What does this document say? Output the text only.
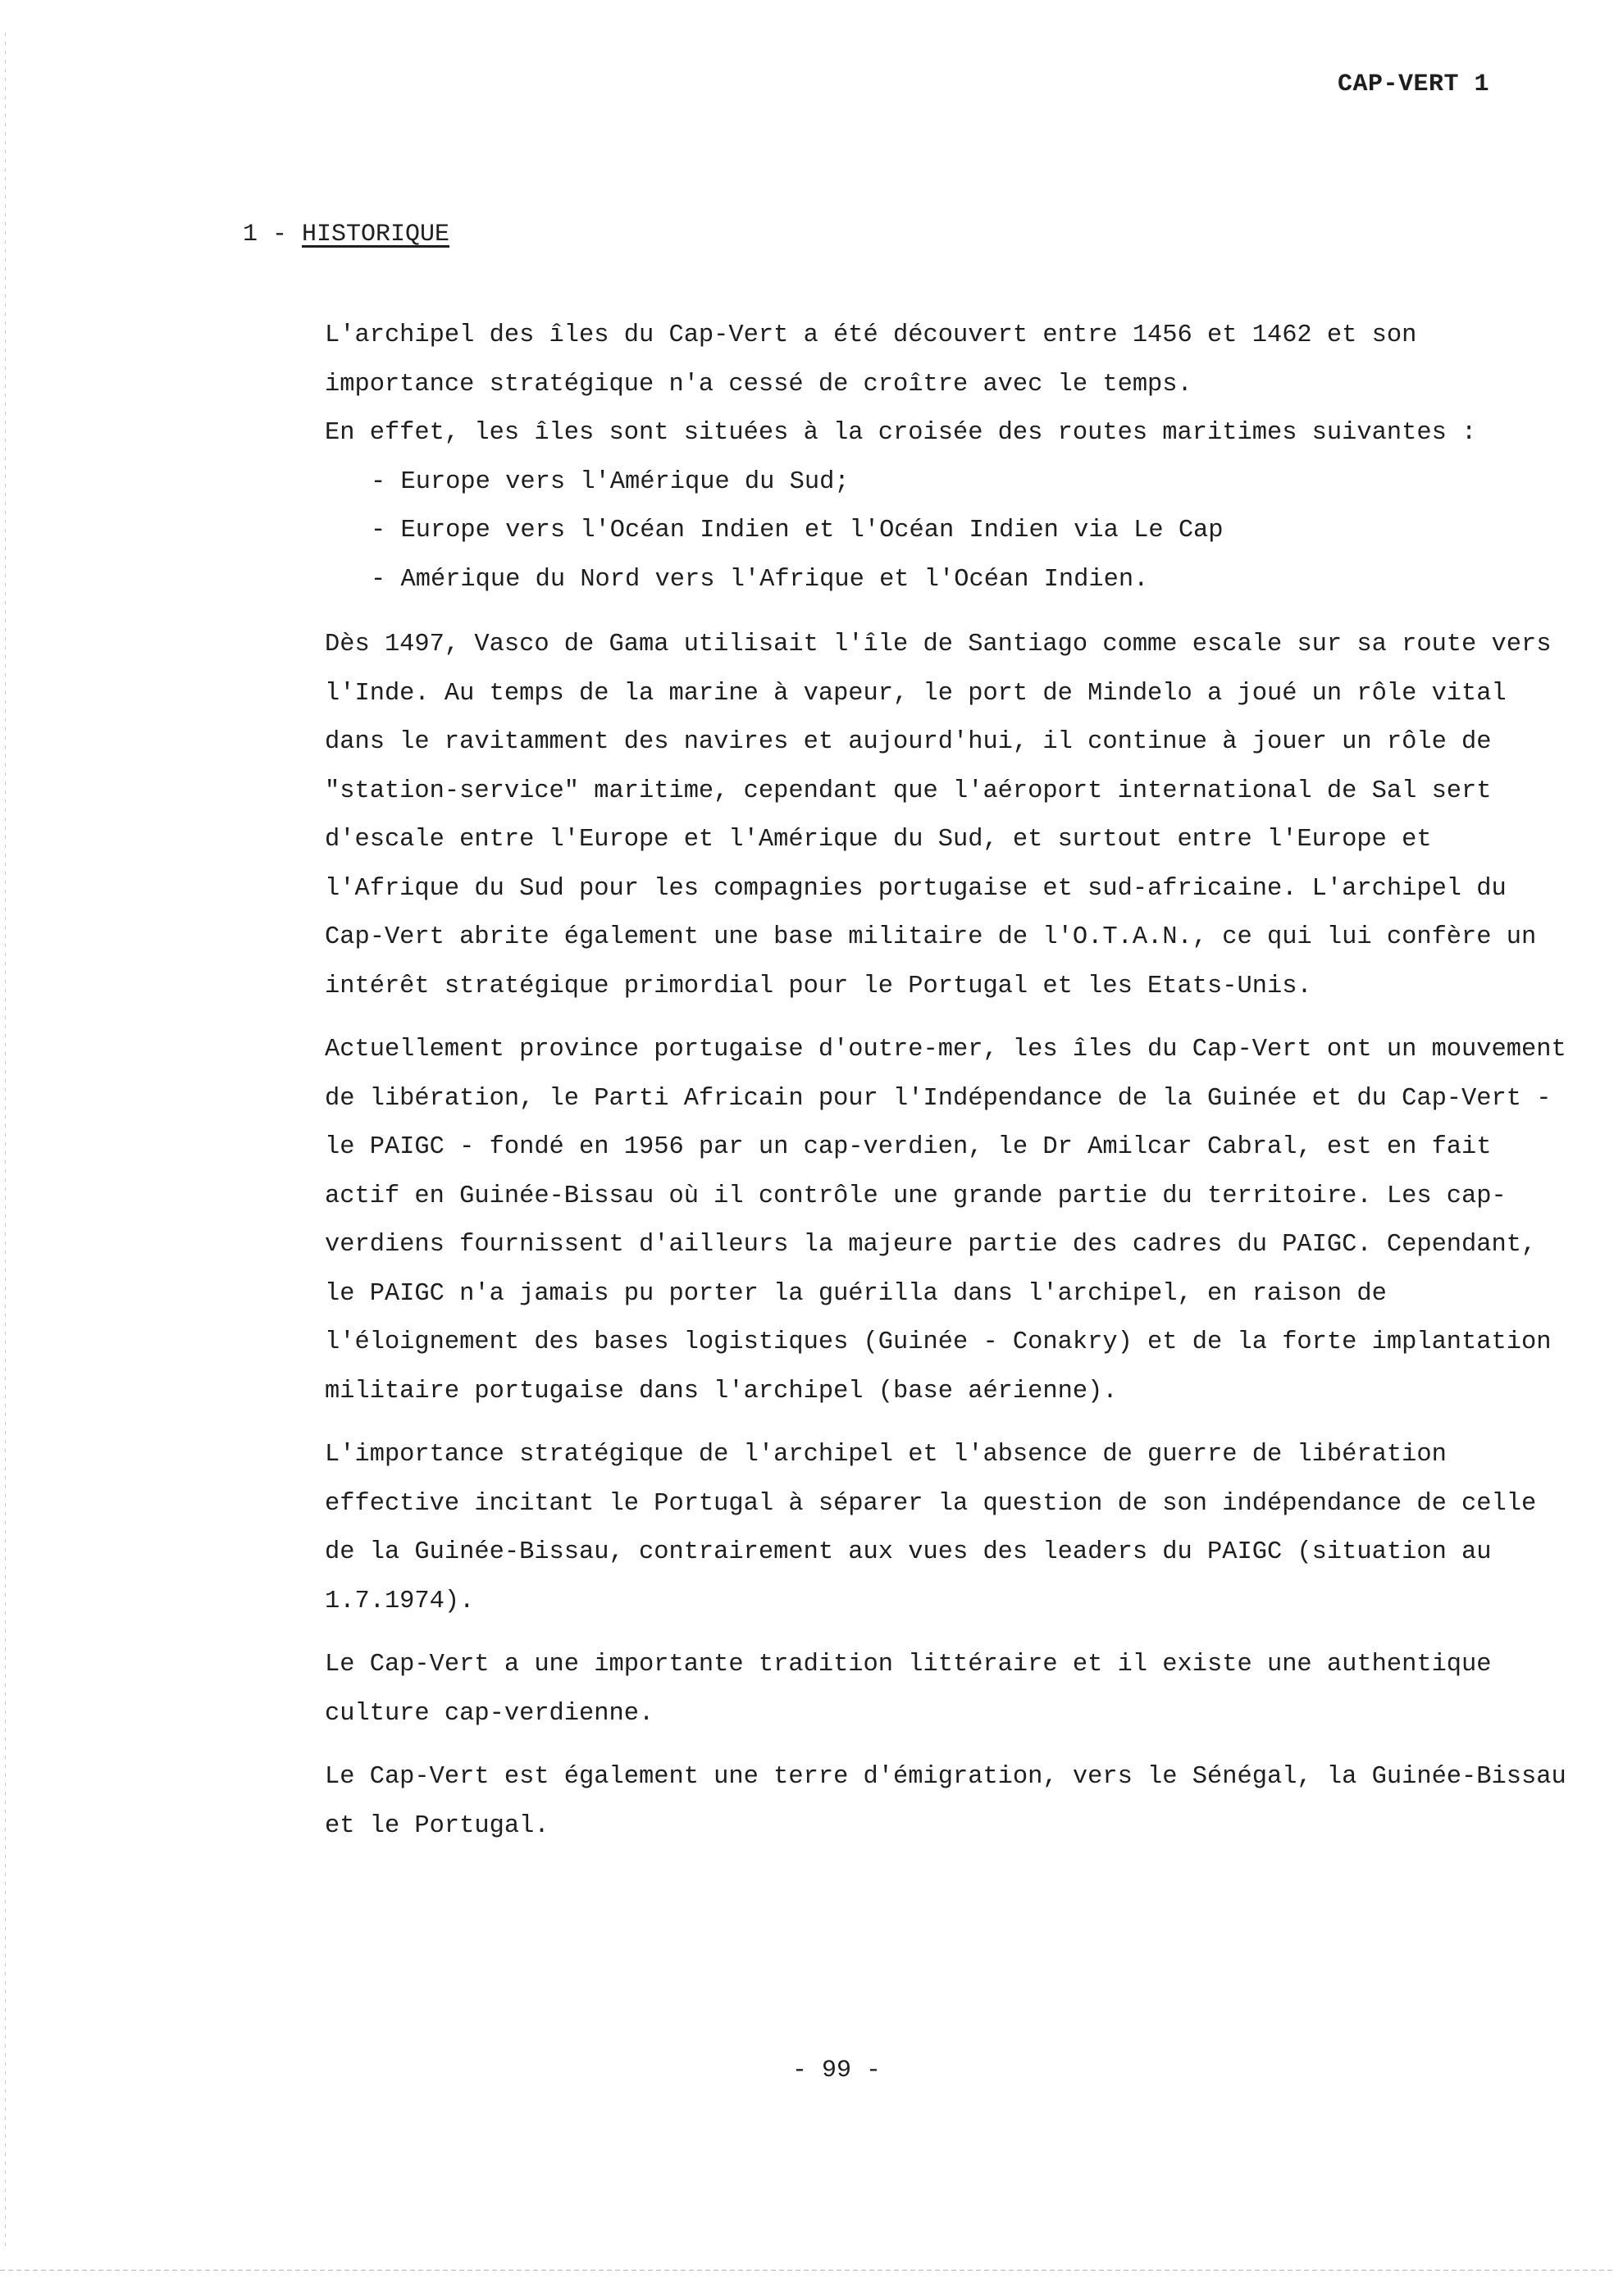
CAP-VERT 1
1 - HISTORIQUE

L'archipel des îles du Cap-Vert a été découvert entre 1456 et 1462 et son importance stratégique n'a cessé de croître avec le temps.

En effet, les îles sont situées à la croisée des routes maritimes suivantes :

- Europe vers l'Amérique du Sud;
- Europe vers l'Océan Indien et l'Océan Indien via Le Cap
- Amérique du Nord vers l'Afrique et l'Océan Indien.

Dès 1497, Vasco de Gama utilisait l'île de Santiago comme escale sur sa route vers l'Inde. Au temps de la marine à vapeur, le port de Mindelo a joué un rôle vital dans le ravitamment des navires et aujourd'hui, il continue à jouer un rôle de "station-service" maritime, cependant que l'aéroport international de Sal sert d'escale entre l'Europe et l'Amérique du Sud, et surtout entre l'Europe et l'Afrique du Sud pour les compagnies portugaise et sud-africaine. L'archipel du Cap-Vert abrite également une base militaire de l'O.T.A.N., ce qui lui confère un intérêt stratégique primordial pour le Portugal et les Etats-Unis.

Actuellement province portugaise d'outre-mer, les îles du Cap-Vert ont un mouvement de libération, le Parti Africain pour l'Indépendance de la Guinée et du Cap-Vert - le PAIGC - fondé en 1956 par un cap-verdien, le Dr Amilcar Cabral, est en fait actif en Guinée-Bissau où il contrôle une grande partie du territoire. Les cap-verdiens fournissent d'ailleurs la majeure partie des cadres du PAIGC. Cependant, le PAIGC n'a jamais pu porter la guérilla dans l'archipel, en raison de l'éloignement des bases logistiques (Guinée - Conakry) et de la forte implantation militaire portugaise dans l'archipel (base aérienne).

L'importance stratégique de l'archipel et l'absence de guerre de libération effective incitant le Portugal à séparer la question de son indépendance de celle de la Guinée-Bissau, contrairement aux vues des leaders du PAIGC (situation au 1.7.1974).

Le Cap-Vert a une importante tradition littéraire et il existe une authentique culture cap-verdienne.

Le Cap-Vert est également une terre d'émigration, vers le Sénégal, la Guinée-Bissau et le Portugal.

- 99 -
